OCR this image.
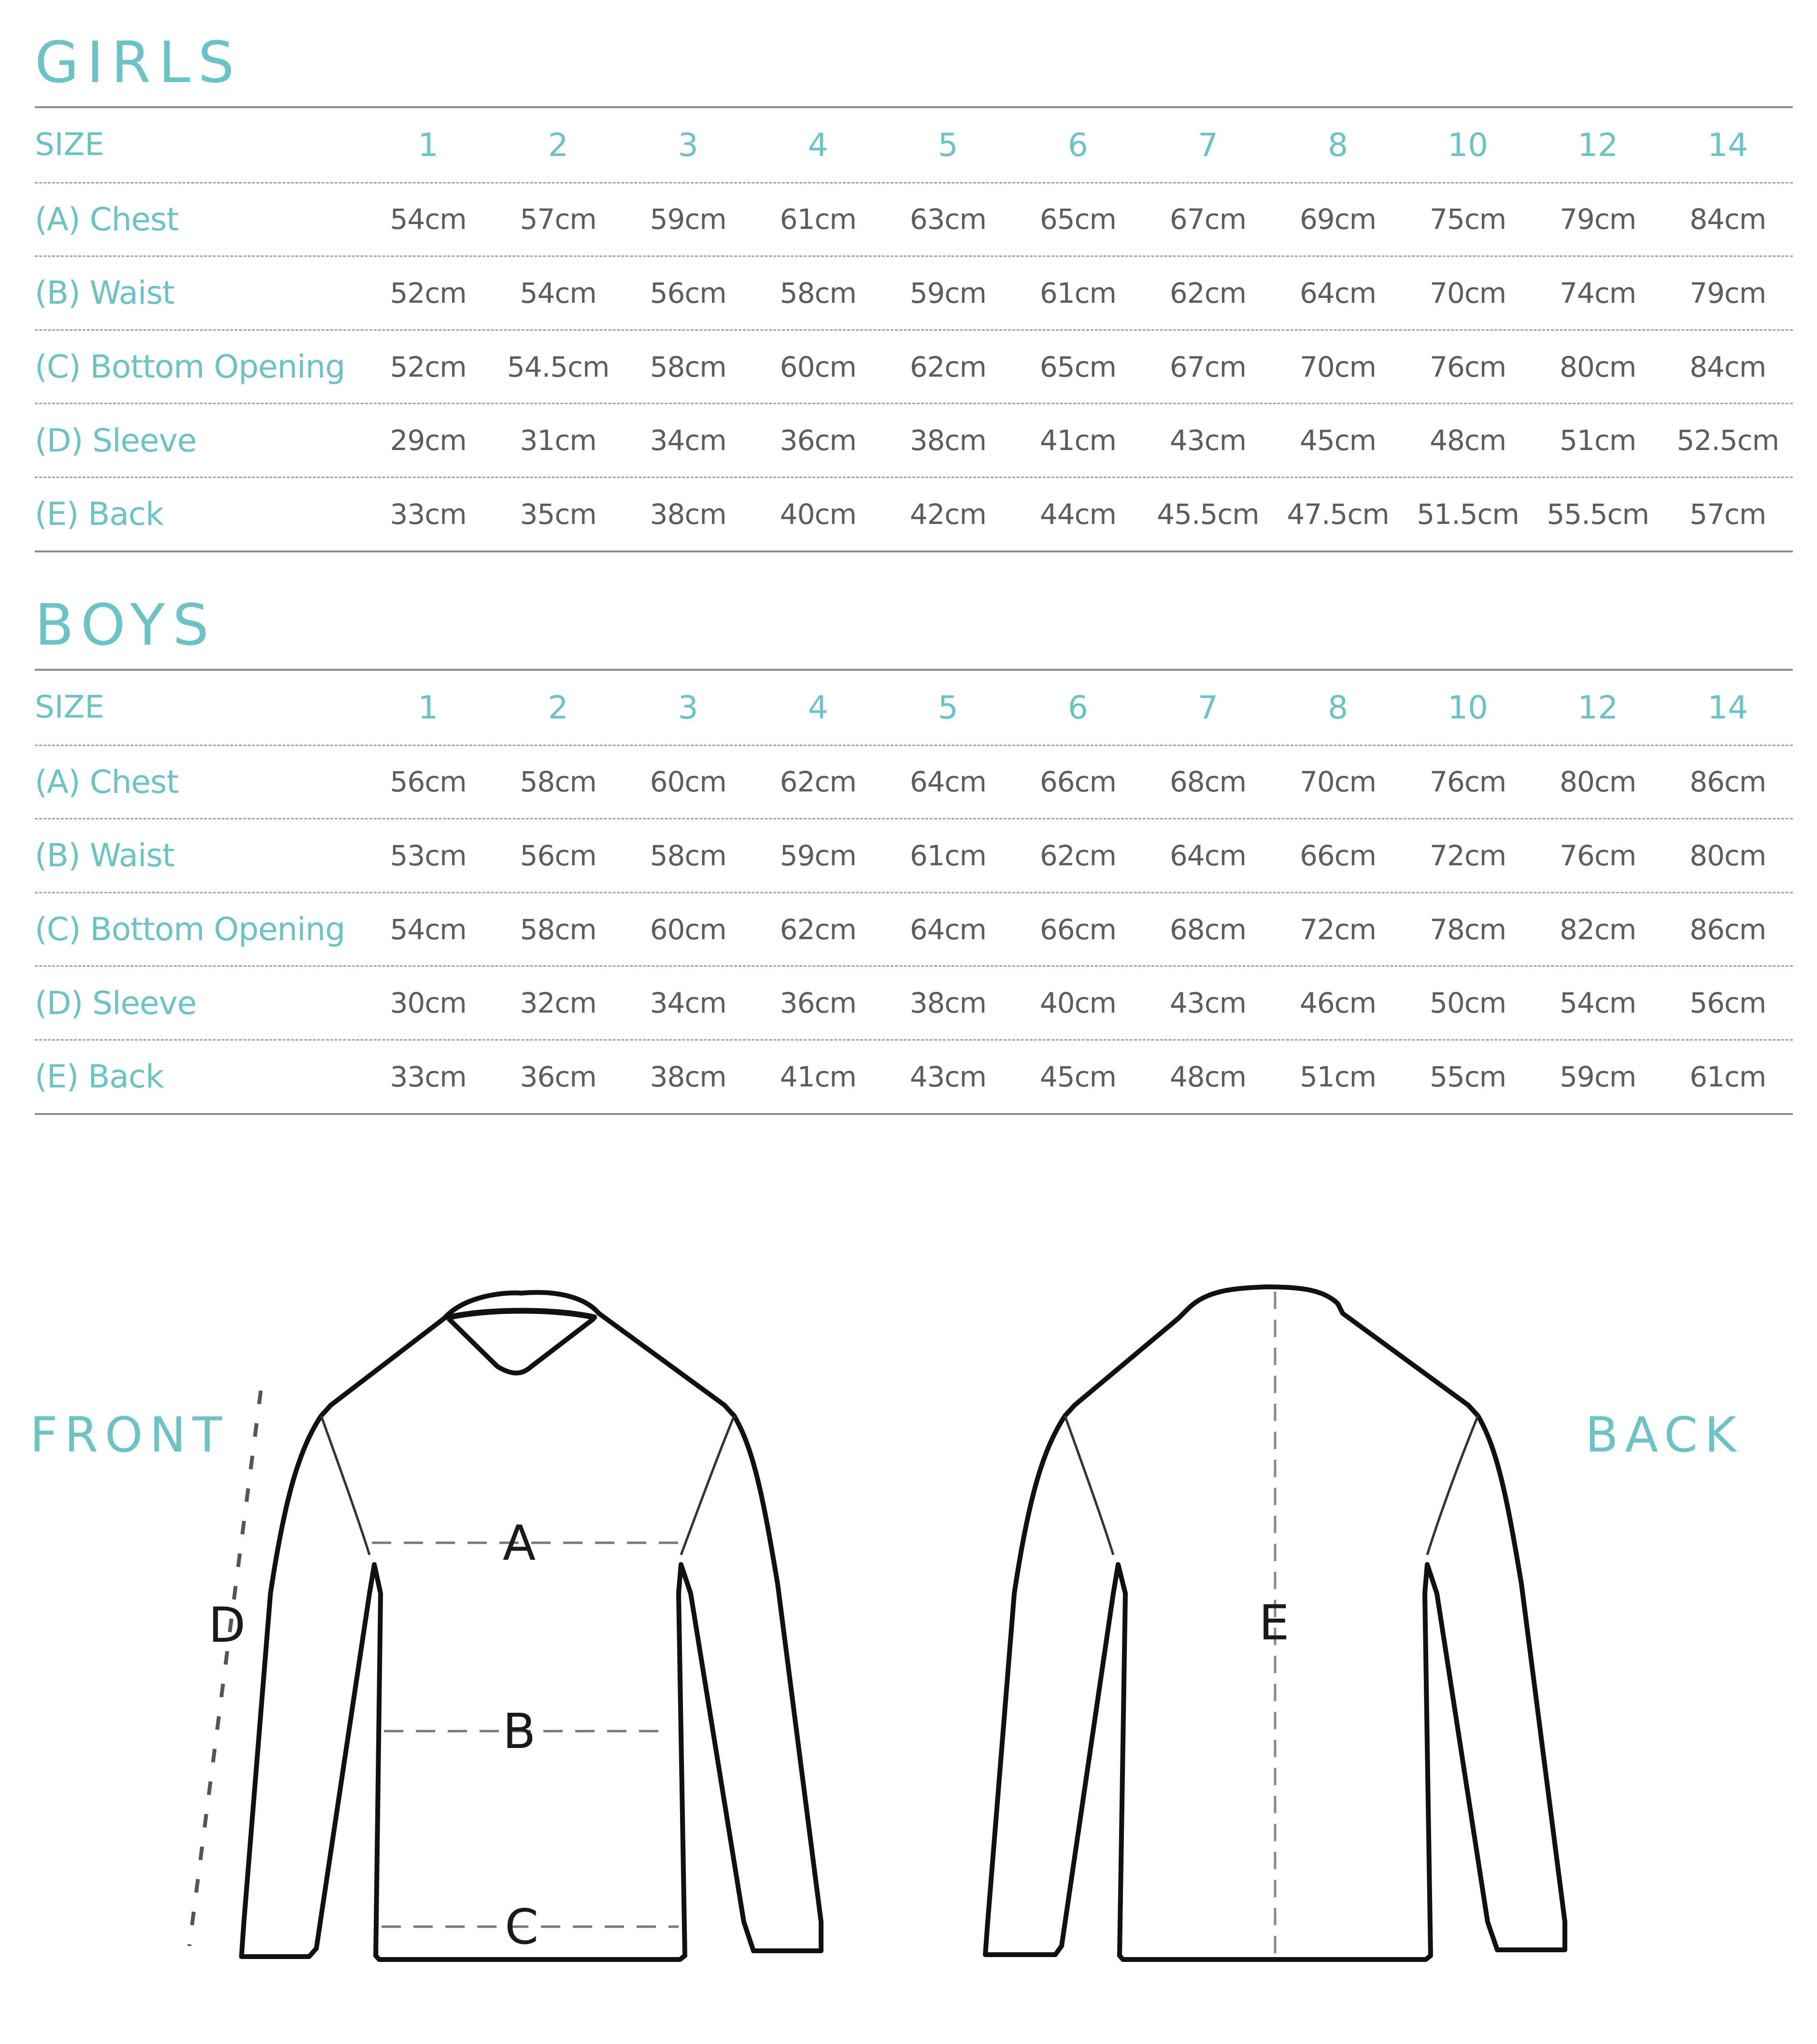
GIRLS
SIZE	1	2	3	4	5	6	7	8	10	12	14
(A) Chest	54cm	57cm	59cm	61cm	63cm	65cm	67cm	69cm	75cm	79cm	84cm
(B) Waist	52cm	54cm	56cm	58cm	59cm	61cm	62cm	64cm	70cm	74cm	79cm
(C) Bottom Opening	52cm	54.5cm	58cm	60cm	62cm	65cm	67cm	70cm	76cm	80cm	84cm
(D) Sleeve	29cm	31cm	34cm	36cm	38cm	41cm	43cm	45cm	48cm	51cm	52.5cm
(E) Back	33cm	35cm	38cm	40cm	42cm	44cm	45.5cm 47.5cm 51.5cm 55.5cm	57cm
BOYS
SIZE	1	2	3	4	5	6	7	8	10	12	14
(A) Chest	56cm	58cm	60cm	62cm	64cm	66cm	68cm	70cm	76cm	80cm	86cm
(B) Waist	53cm	56cm	58cm	59cm	61cm	62cm	64cm	66cm	72cm	76cm	80cm
(C) Bottom Opening	54cm	58cm	60cm	62cm	64cm	66cm	68cm	72cm	78cm	82cm	86cm
(D) Sleeve	30cm	32cm	34cm	36cm	38cm	40cm	43cm	46cm	50cm	54cm	56cm
(E) Back	33cm	36cm	38cm	41cm	43cm	45cm	48cm	51cm	55cm	59cm	61cm
FRONT	BACK
A
B
C
D	E
